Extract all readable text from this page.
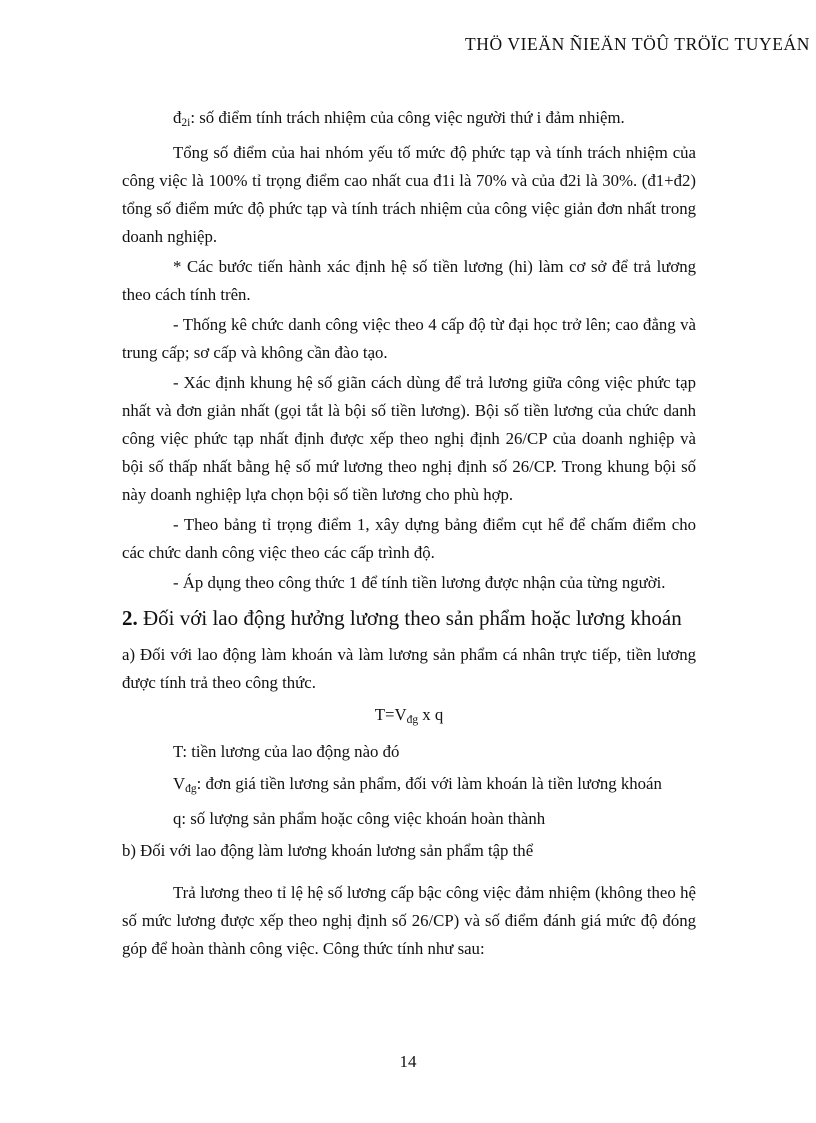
THÖ VIEÄN ÑIEÄN TÖÛ TRÖÏC TUYEÁN

$đ_{2i}$: số điểm tính trách nhiệm của công việc người thứ i đảm nhiệm.

Tổng số điểm của hai nhóm yếu tố mức độ phức tạp và tính trách nhiệm của công việc là 100% tỉ trọng điểm cao nhất cua đ1i là 70% và của đ2i là 30%. (đ1+đ2) tổng số điểm mức độ phức tạp và tính trách nhiệm của công việc giản đơn nhất trong doanh nghiệp.

* Các bước tiến hành xác định hệ số tiền lương (hi) làm cơ sở để trả lương theo cách tính trên.

- Thống kê chức danh công việc theo 4 cấp độ từ đại học trở lên; cao đẳng và trung cấp; sơ cấp và không cần đào tạo.

- Xác định khung hệ số giãn cách dùng để trả lương giữa công việc phức tạp nhất và đơn giản nhất (gọi tắt là bội số tiền lương). Bội số tiền lương của chức danh công việc phức tạp nhất định được xếp theo nghị định 26/CP của doanh nghiệp và bội số thấp nhất bằng hệ số mứ lương theo nghị định số 26/CP. Trong khung bội số này doanh nghiệp lựa chọn bội số tiền lương cho phù hợp.

- Theo bảng tỉ trọng điểm 1, xây dựng bảng điểm cụt hể để chấm điểm cho các chức danh công việc theo các cấp trình độ.

- Áp dụng theo công thức 1 để tính tiền lương được nhận của từng người.

2. Đối với lao động hưởng lương theo sản phẩm hoặc lương khoán

a) Đối với lao động làm khoán và làm lương sản phẩm cá nhân trực tiếp, tiền lương được tính trả theo công thức.

$T=V_{đg}$ x q

T: tiền lương của lao động nào đó

$V_{đg}$: đơn giá tiền lương sản phẩm, đối với làm khoán là tiền lương khoán

q: số lượng sản phẩm hoặc công việc khoán hoàn thành

b) Đối với lao động làm lương khoán lương sản phẩm tập thể

Trả lương theo tỉ lệ hệ số lương cấp bậc công việc đảm nhiệm (không theo hệ số mức lương được xếp theo nghị định số 26/CP) và số điểm đánh giá mức độ đóng góp để hoàn thành công việc. Công thức tính như sau:

14
